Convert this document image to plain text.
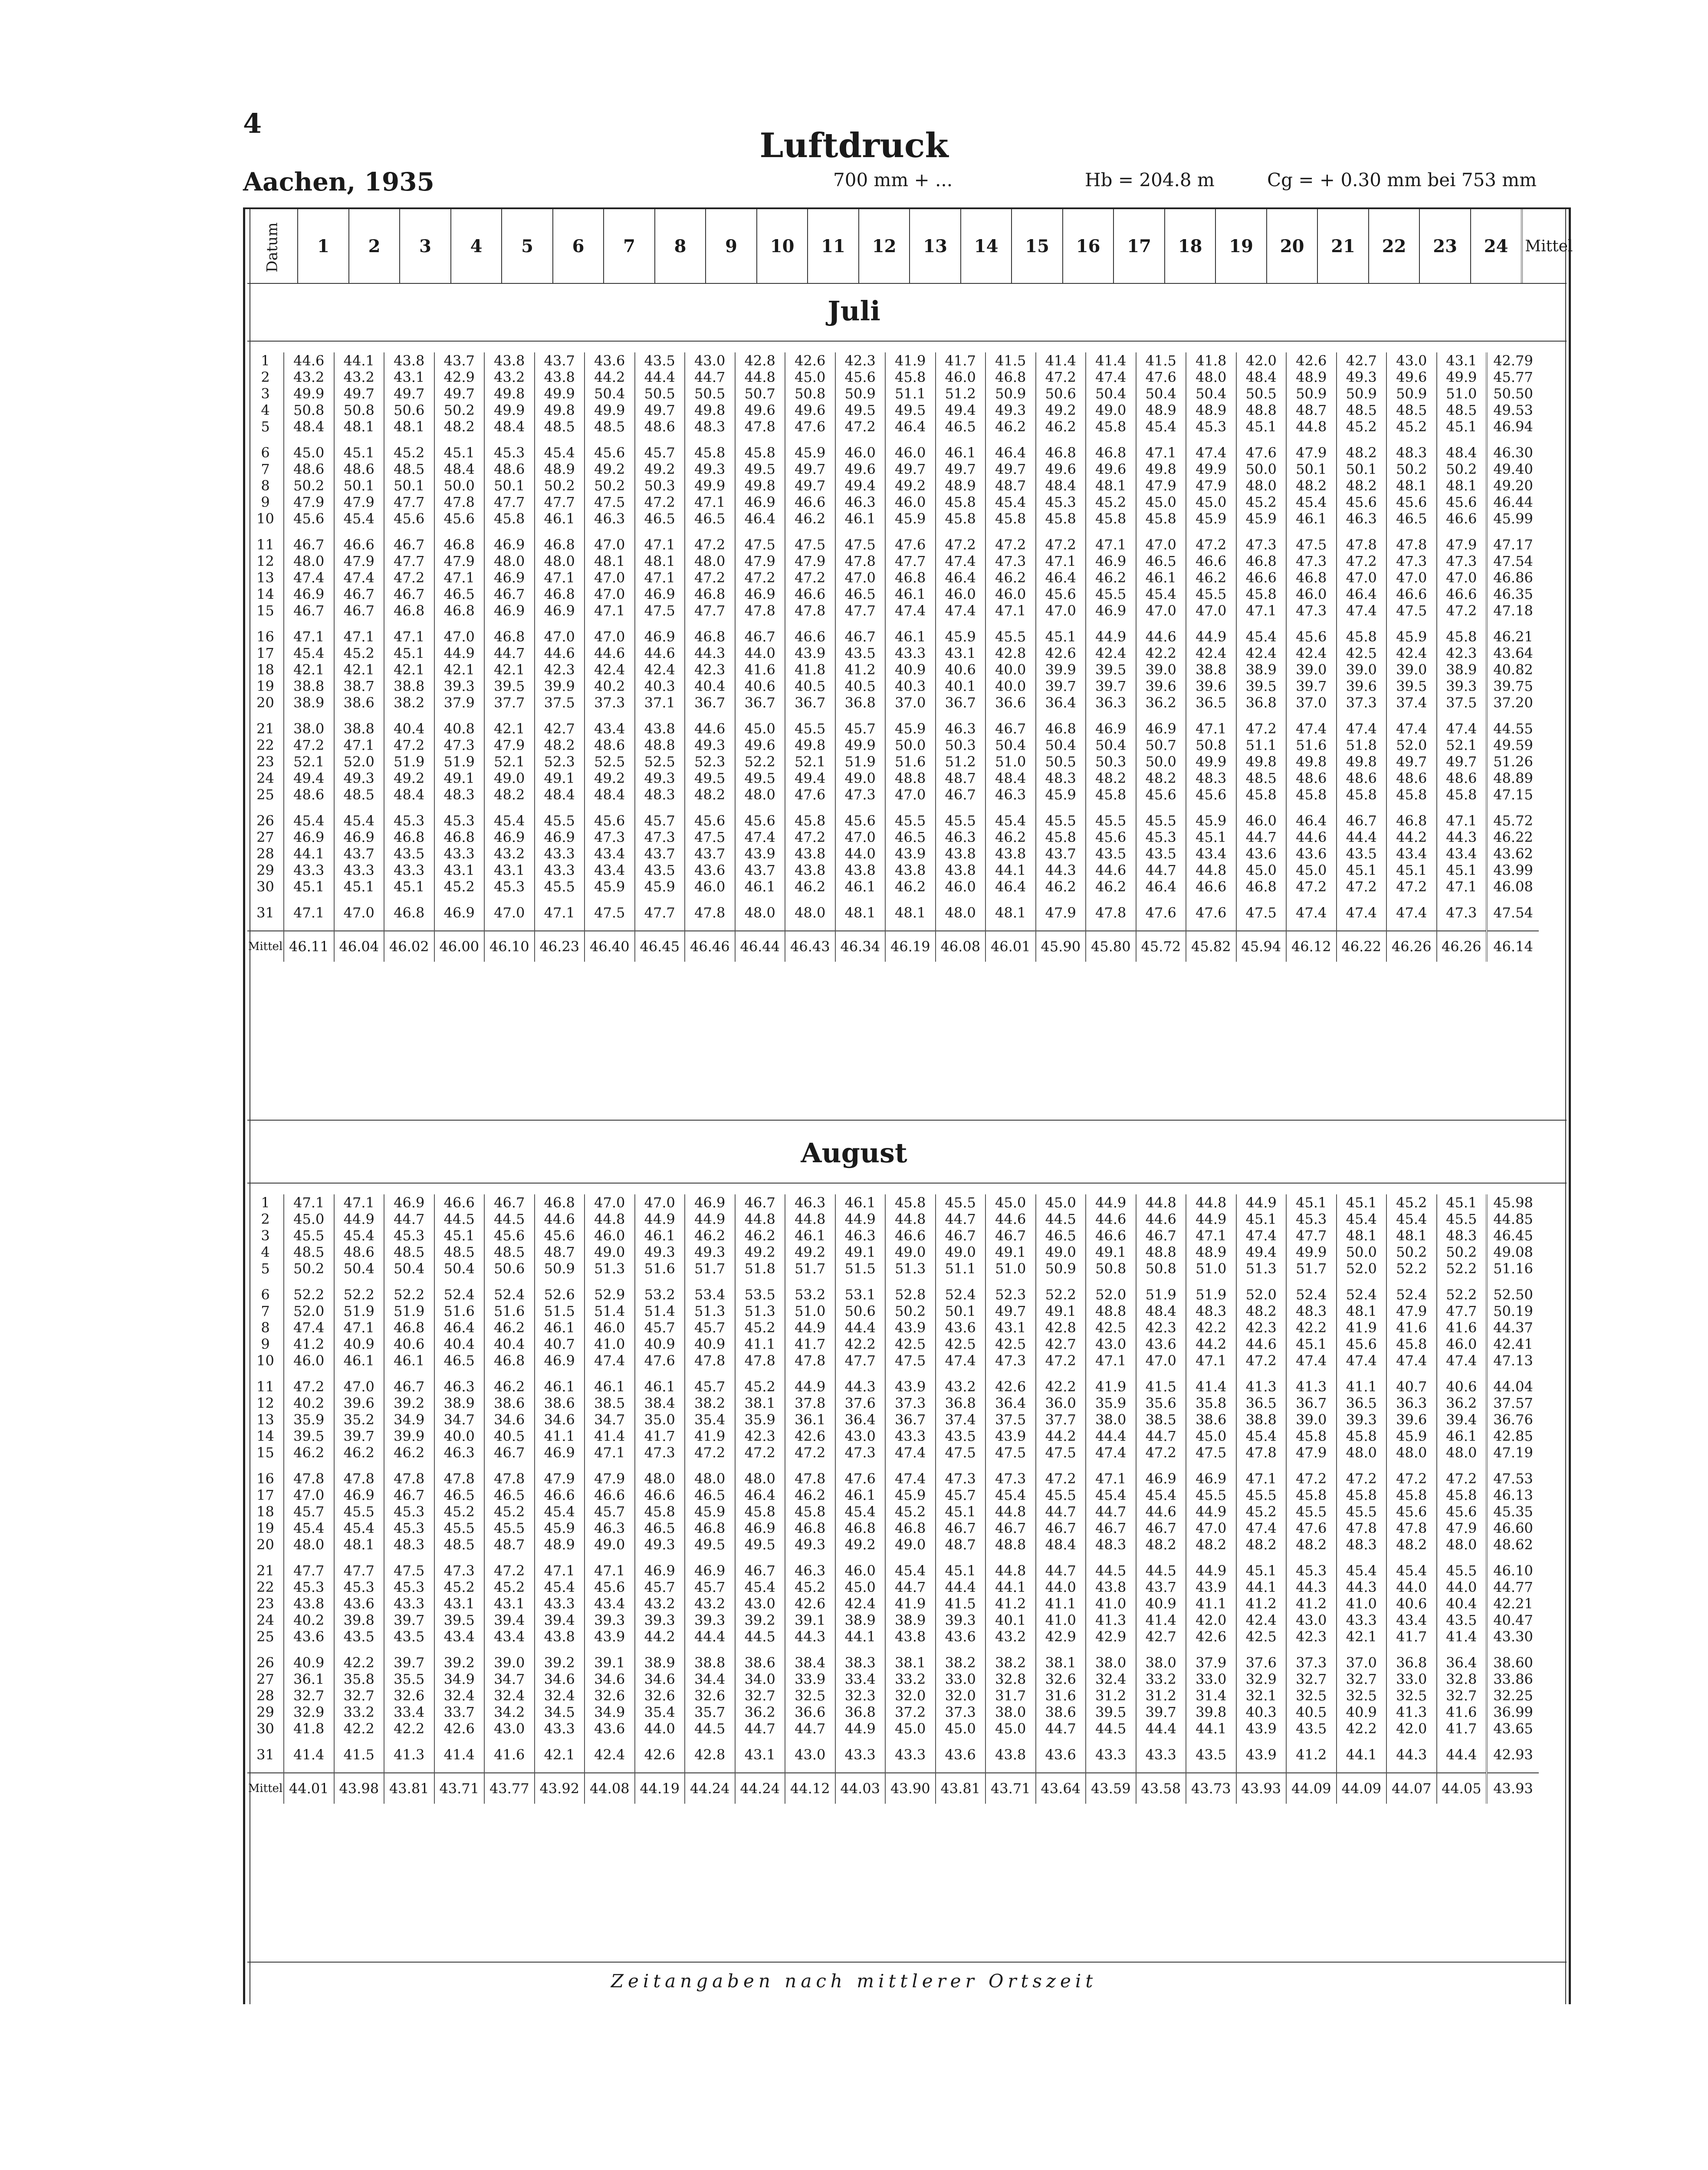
4
Luftdruck
Aachen, 1935	700 mm + ...	Hb = 204.8 m	Cg = + 0.30 mm bei 753 mm
Datum	1	2	3	4	5	6	7	8	9	10	11	12	13	14	15	16	17	18	19	20	21	22	23	24	Mittel
Juli
1	44.6	44.1	43.8	43.7	43.8	43.7	43.6	43.5	43.0	42.8	42.6	42.3	41.9	41.7	41.5	41.4	41.4	41.5	41.8	42.0	42.6	42.7	43.0	43.1	42.79
2	43.2	43.2	43.1	42.9	43.2	43.8	44.2	44.4	44.7	44.8	45.0	45.6	45.8	46.0	46.8	47.2	47.4	47.6	48.0	48.4	48.9	49.3	49.6	49.9	45.77
3	49.9	49.7	49.7	49.7	49.8	49.9	50.4	50.5	50.5	50.7	50.8	50.9	51.1	51.2	50.9	50.6	50.4	50.4	50.4	50.5	50.9	50.9	50.9	51.0	50.50
4	50.8	50.8	50.6	50.2	49.9	49.8	49.9	49.7	49.8	49.6	49.6	49.5	49.5	49.4	49.3	49.2	49.0	48.9	48.9	48.8	48.7	48.5	48.5	48.5	49.53
5	48.4	48.1	48.1	48.2	48.4	48.5	48.5	48.6	48.3	47.8	47.6	47.2	46.4	46.5	46.2	46.2	45.8	45.4	45.3	45.1	44.8	45.2	45.2	45.1	46.94

6	45.0	45.1	45.2	45.1	45.3	45.4	45.6	45.7	45.8	45.8	45.9	46.0	46.0	46.1	46.4	46.8	46.8	47.1	47.4	47.6	47.9	48.2	48.3	48.4	46.30
7	48.6	48.6	48.5	48.4	48.6	48.9	49.2	49.2	49.3	49.5	49.7	49.6	49.7	49.7	49.7	49.6	49.6	49.8	49.9	50.0	50.1	50.1	50.2	50.2	49.40
8	50.2	50.1	50.1	50.0	50.1	50.2	50.2	50.3	49.9	49.8	49.7	49.4	49.2	48.9	48.7	48.4	48.1	47.9	47.9	48.0	48.2	48.2	48.1	48.1	49.20
9	47.9	47.9	47.7	47.8	47.7	47.7	47.5	47.2	47.1	46.9	46.6	46.3	46.0	45.8	45.4	45.3	45.2	45.0	45.0	45.2	45.4	45.6	45.6	45.6	46.44
10	45.6	45.4	45.6	45.6	45.8	46.1	46.3	46.5	46.5	46.4	46.2	46.1	45.9	45.8	45.8	45.8	45.8	45.8	45.9	45.9	46.1	46.3	46.5	46.6	45.99

11	46.7	46.6	46.7	46.8	46.9	46.8	47.0	47.1	47.2	47.5	47.5	47.5	47.6	47.2	47.2	47.2	47.1	47.0	47.2	47.3	47.5	47.8	47.8	47.9	47.17
12	48.0	47.9	47.7	47.9	48.0	48.0	48.1	48.1	48.0	47.9	47.9	47.8	47.7	47.4	47.3	47.1	46.9	46.5	46.6	46.8	47.3	47.2	47.3	47.3	47.54
13	47.4	47.4	47.2	47.1	46.9	47.1	47.0	47.1	47.2	47.2	47.2	47.0	46.8	46.4	46.2	46.4	46.2	46.1	46.2	46.6	46.8	47.0	47.0	47.0	46.86
14	46.9	46.7	46.7	46.5	46.7	46.8	47.0	46.9	46.8	46.9	46.6	46.5	46.1	46.0	46.0	45.6	45.5	45.4	45.5	45.8	46.0	46.4	46.6	46.6	46.35
15	46.7	46.7	46.8	46.8	46.9	46.9	47.1	47.5	47.7	47.8	47.8	47.7	47.4	47.4	47.1	47.0	46.9	47.0	47.0	47.1	47.3	47.4	47.5	47.2	47.18

16	47.1	47.1	47.1	47.0	46.8	47.0	47.0	46.9	46.8	46.7	46.6	46.7	46.1	45.9	45.5	45.1	44.9	44.6	44.9	45.4	45.6	45.8	45.9	45.8	46.21
17	45.4	45.2	45.1	44.9	44.7	44.6	44.6	44.6	44.3	44.0	43.9	43.5	43.3	43.1	42.8	42.6	42.4	42.2	42.4	42.4	42.4	42.5	42.4	42.3	43.64
18	42.1	42.1	42.1	42.1	42.1	42.3	42.4	42.4	42.3	41.6	41.8	41.2	40.9	40.6	40.0	39.9	39.5	39.0	38.8	38.9	39.0	39.0	39.0	38.9	40.82
19	38.8	38.7	38.8	39.3	39.5	39.9	40.2	40.3	40.4	40.6	40.5	40.5	40.3	40.1	40.0	39.7	39.7	39.6	39.6	39.5	39.7	39.6	39.5	39.3	39.75
20	38.9	38.6	38.2	37.9	37.7	37.5	37.3	37.1	36.7	36.7	36.7	36.8	37.0	36.7	36.6	36.4	36.3	36.2	36.5	36.8	37.0	37.3	37.4	37.5	37.20

21	38.0	38.8	40.4	40.8	42.1	42.7	43.4	43.8	44.6	45.0	45.5	45.7	45.9	46.3	46.7	46.8	46.9	46.9	47.1	47.2	47.4	47.4	47.4	47.4	44.55
22	47.2	47.1	47.2	47.3	47.9	48.2	48.6	48.8	49.3	49.6	49.8	49.9	50.0	50.3	50.4	50.4	50.4	50.7	50.8	51.1	51.6	51.8	52.0	52.1	49.59
23	52.1	52.0	51.9	51.9	52.1	52.3	52.5	52.5	52.3	52.2	52.1	51.9	51.6	51.2	51.0	50.5	50.3	50.0	49.9	49.8	49.8	49.8	49.7	49.7	51.26
24	49.4	49.3	49.2	49.1	49.0	49.1	49.2	49.3	49.5	49.5	49.4	49.0	48.8	48.7	48.4	48.3	48.2	48.2	48.3	48.5	48.6	48.6	48.6	48.6	48.89
25	48.6	48.5	48.4	48.3	48.2	48.4	48.4	48.3	48.2	48.0	47.6	47.3	47.0	46.7	46.3	45.9	45.8	45.6	45.6	45.8	45.8	45.8	45.8	45.8	47.15

26	45.4	45.4	45.3	45.3	45.4	45.5	45.6	45.7	45.6	45.6	45.8	45.6	45.5	45.5	45.4	45.5	45.5	45.5	45.9	46.0	46.4	46.7	46.8	47.1	45.72
27	46.9	46.9	46.8	46.8	46.9	46.9	47.3	47.3	47.5	47.4	47.2	47.0	46.5	46.3	46.2	45.8	45.6	45.3	45.1	44.7	44.6	44.4	44.2	44.3	46.22
28	44.1	43.7	43.5	43.3	43.2	43.3	43.4	43.7	43.7	43.9	43.8	44.0	43.9	43.8	43.8	43.7	43.5	43.5	43.4	43.6	43.6	43.5	43.4	43.4	43.62
29	43.3	43.3	43.3	43.1	43.1	43.3	43.4	43.5	43.6	43.7	43.8	43.8	43.8	43.8	44.1	44.3	44.6	44.7	44.8	45.0	45.0	45.1	45.1	45.1	43.99
30	45.1	45.1	45.1	45.2	45.3	45.5	45.9	45.9	46.0	46.1	46.2	46.1	46.2	46.0	46.4	46.2	46.2	46.4	46.6	46.8	47.2	47.2	47.2	47.1	46.08

31	47.1	47.0	46.8	46.9	47.0	47.1	47.5	47.7	47.8	48.0	48.0	48.1	48.1	48.0	48.1	47.9	47.8	47.6	47.6	47.5	47.4	47.4	47.4	47.3	47.54

Mittel	46.11	46.04	46.02	46.00	46.10	46.23	46.40	46.45	46.46	46.44	46.43	46.34	46.19	46.08	46.01	45.90	45.80	45.72	45.82	45.94	46.12	46.22	46.26	46.26	46.14
August
1	47.1	47.1	46.9	46.6	46.7	46.8	47.0	47.0	46.9	46.7	46.3	46.1	45.8	45.5	45.0	45.0	44.9	44.8	44.8	44.9	45.1	45.1	45.2	45.1	45.98
2	45.0	44.9	44.7	44.5	44.5	44.6	44.8	44.9	44.9	44.8	44.8	44.9	44.8	44.7	44.6	44.5	44.6	44.6	44.9	45.1	45.3	45.4	45.4	45.5	44.85
3	45.5	45.4	45.3	45.1	45.6	45.6	46.0	46.1	46.2	46.2	46.1	46.3	46.6	46.7	46.7	46.5	46.6	46.7	47.1	47.4	47.7	48.1	48.1	48.3	46.45
4	48.5	48.6	48.5	48.5	48.5	48.7	49.0	49.3	49.3	49.2	49.2	49.1	49.0	49.0	49.1	49.0	49.1	48.8	48.9	49.4	49.9	50.0	50.2	50.2	49.08
5	50.2	50.4	50.4	50.4	50.6	50.9	51.3	51.6	51.7	51.8	51.7	51.5	51.3	51.1	51.0	50.9	50.8	50.8	51.0	51.3	51.7	52.0	52.2	52.2	51.16

6	52.2	52.2	52.2	52.4	52.4	52.6	52.9	53.2	53.4	53.5	53.2	53.1	52.8	52.4	52.3	52.2	52.0	51.9	51.9	52.0	52.4	52.4	52.4	52.2	52.50
7	52.0	51.9	51.9	51.6	51.6	51.5	51.4	51.4	51.3	51.3	51.0	50.6	50.2	50.1	49.7	49.1	48.8	48.4	48.3	48.2	48.3	48.1	47.9	47.7	50.19
8	47.4	47.1	46.8	46.4	46.2	46.1	46.0	45.7	45.7	45.2	44.9	44.4	43.9	43.6	43.1	42.8	42.5	42.3	42.2	42.3	42.2	41.9	41.6	41.6	44.37
9	41.2	40.9	40.6	40.4	40.4	40.7	41.0	40.9	40.9	41.1	41.7	42.2	42.5	42.5	42.5	42.7	43.0	43.6	44.2	44.6	45.1	45.6	45.8	46.0	42.41
10	46.0	46.1	46.1	46.5	46.8	46.9	47.4	47.6	47.8	47.8	47.8	47.7	47.5	47.4	47.3	47.2	47.1	47.0	47.1	47.2	47.4	47.4	47.4	47.4	47.13

11	47.2	47.0	46.7	46.3	46.2	46.1	46.1	46.1	45.7	45.2	44.9	44.3	43.9	43.2	42.6	42.2	41.9	41.5	41.4	41.3	41.3	41.1	40.7	40.6	44.04
12	40.2	39.6	39.2	38.9	38.6	38.6	38.5	38.4	38.2	38.1	37.8	37.6	37.3	36.8	36.4	36.0	35.9	35.6	35.8	36.5	36.7	36.5	36.3	36.2	37.57
13	35.9	35.2	34.9	34.7	34.6	34.6	34.7	35.0	35.4	35.9	36.1	36.4	36.7	37.4	37.5	37.7	38.0	38.5	38.6	38.8	39.0	39.3	39.6	39.4	36.76
14	39.5	39.7	39.9	40.0	40.5	41.1	41.4	41.7	41.9	42.3	42.6	43.0	43.3	43.5	43.9	44.2	44.4	44.7	45.0	45.4	45.8	45.8	45.9	46.1	42.85
15	46.2	46.2	46.2	46.3	46.7	46.9	47.1	47.3	47.2	47.2	47.2	47.3	47.4	47.5	47.5	47.5	47.4	47.2	47.5	47.8	47.9	48.0	48.0	48.0	47.19

16	47.8	47.8	47.8	47.8	47.8	47.9	47.9	48.0	48.0	48.0	47.8	47.6	47.4	47.3	47.3	47.2	47.1	46.9	46.9	47.1	47.2	47.2	47.2	47.2	47.53
17	47.0	46.9	46.7	46.5	46.5	46.6	46.6	46.6	46.5	46.4	46.2	46.1	45.9	45.7	45.4	45.5	45.4	45.4	45.5	45.5	45.8	45.8	45.8	45.8	46.13
18	45.7	45.5	45.3	45.2	45.2	45.4	45.7	45.8	45.9	45.8	45.8	45.4	45.2	45.1	44.8	44.7	44.7	44.6	44.9	45.2	45.5	45.5	45.6	45.6	45.35
19	45.4	45.4	45.3	45.5	45.5	45.9	46.3	46.5	46.8	46.9	46.8	46.8	46.8	46.7	46.7	46.7	46.7	46.7	47.0	47.4	47.6	47.8	47.8	47.9	46.60
20	48.0	48.1	48.3	48.5	48.7	48.9	49.0	49.3	49.5	49.5	49.3	49.2	49.0	48.7	48.8	48.4	48.3	48.2	48.2	48.2	48.2	48.3	48.2	48.0	48.62

21	47.7	47.7	47.5	47.3	47.2	47.1	47.1	46.9	46.9	46.7	46.3	46.0	45.4	45.1	44.8	44.7	44.5	44.5	44.9	45.1	45.3	45.4	45.4	45.5	46.10
22	45.3	45.3	45.3	45.2	45.2	45.4	45.6	45.7	45.7	45.4	45.2	45.0	44.7	44.4	44.1	44.0	43.8	43.7	43.9	44.1	44.3	44.3	44.0	44.0	44.77
23	43.8	43.6	43.3	43.1	43.1	43.3	43.4	43.2	43.2	43.0	42.6	42.4	41.9	41.5	41.2	41.1	41.0	40.9	41.1	41.2	41.2	41.0	40.6	40.4	42.21
24	40.2	39.8	39.7	39.5	39.4	39.4	39.3	39.3	39.3	39.2	39.1	38.9	38.9	39.3	40.1	41.0	41.3	41.4	42.0	42.4	43.0	43.3	43.4	43.5	40.47
25	43.6	43.5	43.5	43.4	43.4	43.8	43.9	44.2	44.4	44.5	44.3	44.1	43.8	43.6	43.2	42.9	42.9	42.7	42.6	42.5	42.3	42.1	41.7	41.4	43.30

26	40.9	42.2	39.7	39.2	39.0	39.2	39.1	38.9	38.8	38.6	38.4	38.3	38.1	38.2	38.2	38.1	38.0	38.0	37.9	37.6	37.3	37.0	36.8	36.4	38.60
27	36.1	35.8	35.5	34.9	34.7	34.6	34.6	34.6	34.4	34.0	33.9	33.4	33.2	33.0	32.8	32.6	32.4	33.2	33.0	32.9	32.7	32.7	33.0	32.8	33.86
28	32.7	32.7	32.6	32.4	32.4	32.4	32.6	32.6	32.6	32.7	32.5	32.3	32.0	32.0	31.7	31.6	31.2	31.2	31.4	32.1	32.5	32.5	32.5	32.7	32.25
29	32.9	33.2	33.4	33.7	34.2	34.5	34.9	35.4	35.7	36.2	36.6	36.8	37.2	37.3	38.0	38.6	39.5	39.7	39.8	40.3	40.5	40.9	41.3	41.6	36.99
30	41.8	42.2	42.2	42.6	43.0	43.3	43.6	44.0	44.5	44.7	44.7	44.9	45.0	45.0	45.0	44.7	44.5	44.4	44.1	43.9	43.5	42.2	42.0	41.7	43.65

31	41.4	41.5	41.3	41.4	41.6	42.1	42.4	42.6	42.8	43.1	43.0	43.3	43.3	43.6	43.8	43.6	43.3	43.3	43.5	43.9	41.2	44.1	44.3	44.4	42.93

Mittel	44.01	43.98	43.81	43.71	43.77	43.92	44.08	44.19	44.24	44.24	44.12	44.03	43.90	43.81	43.71	43.64	43.59	43.58	43.73	43.93	44.09	44.09	44.07	44.05	43.93
Zeitangaben nach mittlerer Ortszeit
